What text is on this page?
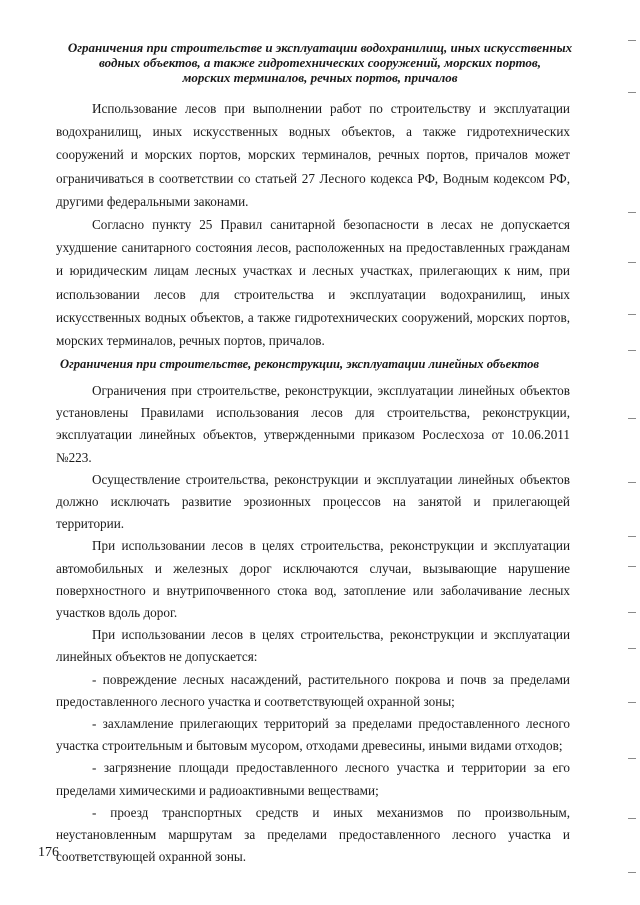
Ограничения при строительстве и эксплуатации водохранилищ, иных искусственных
водных объектов, а также гидротехнических сооружений, морских портов,
морских терминалов, речных портов, причалов

Использование лесов при выполнении работ по строительству и эксплуатации водохранилищ, иных искусственных водных объектов, а также гидротехнических сооружений и морских портов, морских терминалов, речных портов, причалов может ограничиваться в соответствии со статьей 27 Лесного кодекса РФ, Водным кодексом РФ, другими федеральными законами.

Согласно пункту 25 Правил санитарной безопасности в лесах не допускается ухудшение санитарного состояния лесов, расположенных на предоставленных гражданам и юридическим лицам лесных участках и лесных участках, прилегающих к ним, при использовании лесов для строительства и эксплуатации водохранилищ, иных искусственных водных объектов, а также гидротехнических сооружений, морских портов, морских терминалов, речных портов, причалов.

Ограничения при строительстве, реконструкции, эксплуатации линейных объектов

Ограничения при строительстве, реконструкции, эксплуатации линейных объектов установлены Правилами использования лесов для строительства, реконструкции, эксплуатации линейных объектов, утвержденными приказом Рослесхоза от 10.06.2011 №223.

Осуществление строительства, реконструкции и эксплуатации линейных объектов должно исключать развитие эрозионных процессов на занятой и прилегающей территории.

При использовании лесов в целях строительства, реконструкции и эксплуатации автомобильных и железных дорог исключаются случаи, вызывающие нарушение поверхностного и внутрипочвенного стока вод, затопление или заболачивание лесных участков вдоль дорог.

При использовании лесов в целях строительства, реконструкции и эксплуатации линейных объектов не допускается:

- повреждение лесных насаждений, растительного покрова и почв за пределами предоставленного лесного участка и соответствующей охранной зоны;

- захламление прилегающих территорий за пределами предоставленного лесного участка строительным и бытовым мусором, отходами древесины, иными видами отходов;

- загрязнение площади предоставленного лесного участка и территории за его пределами химическими и радиоактивными веществами;

- проезд транспортных средств и иных механизмов по произвольным, неустановленным маршрутам за пределами предоставленного лесного участка и соответствующей охранной зоны.

176
